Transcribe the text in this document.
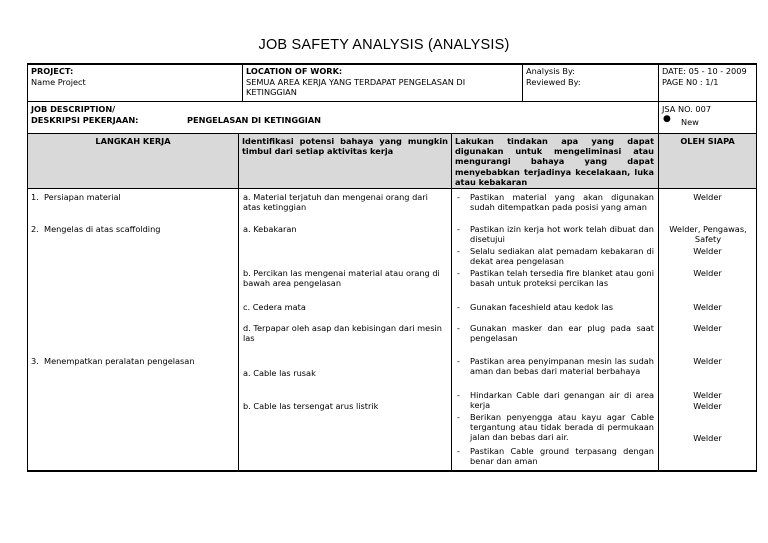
JOB SAFETY ANALYSIS (ANALYSIS)
PROJECT:
Name Project
LOCATION OF WORK:
SEMUA AREA KERJA YANG TERDAPAT PENGELASAN DI KETINGGIAN
Analysis By:
Reviewed By:
DATE: 05 - 10 - 2009
PAGE N0 : 1/1
JOB DESCRIPTION/
DESKRIPSI PEKERJAAN:	PENGELASAN DI KETINGGIAN
JSA NO. 007
● New
LANGKAH KERJA	Identifikasi potensi bahaya yang mungkin timbul dari setiap aktivitas kerja
Lakukan tindakan apa yang dapat digunakan untuk mengeliminasi atau mengurangi bahaya yang dapat menyebabkan terjadinya kecelakaan, luka atau kebakaran
OLEH SIAPA
1.  Persiapan material
2.  Mengelas di atas scaffolding
3.  Menempatkan peralatan pengelasan
a. Material terjatuh dan mengenai orang dari atas ketinggian
a. Kebakaran
b. Percikan las mengenai material atau orang di bawah area pengelasan
c. Cedera mata
d. Terpapar oleh asap dan kebisingan dari mesin las
a. Cable las rusak
b. Cable las tersengat arus listrik
- Pastikan material yang akan digunakan sudah ditempatkan pada posisi yang aman
- Pastikan izin kerja hot work telah dibuat dan disetujui
- Selalu sediakan alat pemadam kebakaran di dekat area pengelasan
- Pastikan telah tersedia fire blanket atau goni basah untuk proteksi percikan las
- Gunakan faceshield atau kedok las
- Gunakan masker dan ear plug pada saat pengelasan
- Pastikan area penyimpanan mesin las sudah aman dan bebas dari material berbahaya
- Hindarkan Cable dari genangan air di area kerja
- Berikan penyengga atau kayu agar Cable tergantung atau tidak berada di permukaan jalan dan bebas dari air.
- Pastikan Cable ground terpasang dengan benar dan aman
Welder
Welder, Pengawas, Safety
Welder
Welder
Welder
Welder
Welder
Welder
Welder
Welder
